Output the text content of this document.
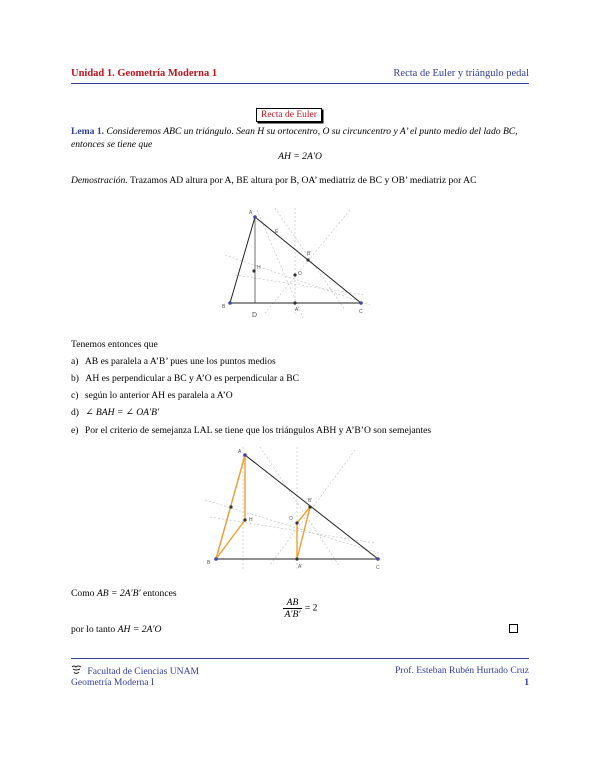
Unidad 1. Geometría Moderna 1	Recta de Euler y triángulo pedal
Recta de Euler
Lema 1. Consideremos ABC un triángulo. Sean H su ortocentro, O su circuncentro y A’ el punto medio del lado BC, entonces se tiene que
AH = 2A′O
Demostración. Trazamos AD altura por A, BE altura por B, OA’ mediatriz de BC y OB’ mediatriz por AC
A
B
C
E
B'
H
O
A'
D
Tenemos entonces que
a) AB es paralela a A’B’ pues une los puntos medios
b) AH es perpendicular a BC y A’O es perpendicular a BC
c) según lo anterior AH es paralela a A’O
d) ∠ BAH = ∠ OA′B′
e) Por el criterio de semejanza LAL se tiene que los triángulos ABH y A’B’O son semejantes
A
B
C
B'
H	O
A'
Como AB = 2A′B′ entonces
$\frac{AB}{A'B'} = 2$
por lo tanto AH = 2A′O
Facultad de Ciencias UNAM
Geometría Moderna I
Prof. Esteban Rubén Hurtado Cruz
1
